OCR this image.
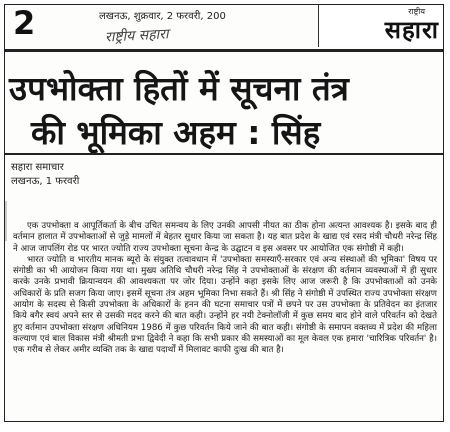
2	लखनऊ, शुक्रवार, 2 फरवरी, 200
राष्ट्रीय सहारा
राष्ट्रीय
सहारा
उपभोक्ता हितों में सूचना तंत्र
की भूमिका अहम : सिंह
सहारा समाचार
लखनऊ, 1 फरवरी

एक उपभोक्ता व आपूर्तिकर्ता के बीच उचित समन्वय के लिए उनकी आपसी नीयत का ठीक होना अत्यन्त आवश्यक है। इसके बाद ही वर्तमान हालात में उपभोक्ताओं से जुड़े मामलों में बेहतर सुधार किया जा सकता है। यह बात प्रदेश के खाद्य एवं रसद मंत्री चौधरी नरेन्द्र सिंह ने आज जापलिंग रोड पर भारत ज्योति राज्य उपभोक्ता सूचना केन्द्र के उद्घाटन व इस अवसर पर आयोजित एक संगोष्ठी में कही।

भारत ज्योति व भारतीय मानक ब्यूरो के संयुक्त तत्वावधान में 'उपभोक्ता समस्याएँ-सरकार एवं अन्य संस्थाओं की भूमिका' विषय पर संगोष्ठी का भी आयोजन किया गया था। मुख्य अतिथि चौधरी नरेन्द्र सिंह ने उपभोक्ताओं के संरक्षण की वर्तमान व्यवस्थाओं में ही सुधार करके उनके प्रभावी क्रियान्वयन की आवश्यकता पर जोर दिया। उन्होंने कहा इसके लिए आज जरूरी है कि उपभोक्ताओं को उनके अधिकारों के प्रति सजग किया जाए। इसमें सूचना तंत्र अहम भूमिका निभा सकते हैं। श्री सिंह ने संगोष्ठी में उपस्थित राज्य उपभोक्ता संरक्षण आयोग के सदस्य से किसी उपभोक्ता के अधिकारों के हनन की घटना समाचार पत्रों में छपने पर उस उपभोक्ता के प्रतिवेदन का इंतजार किये बगैर स्वयं अपने स्तर से उसकी मदद करने की बात कही। उन्होंने हर नयी टेक्नोलॉजी में कुछ समय बाद होने वाले परिवर्तन को देखते हुए वर्तमान उपभोक्ता संरक्षण अधिनियम 1986 में कुछ परिवर्तन किये जाने की बात कही। संगोष्ठी के समापन वक्तव्य में प्रदेश की महिला कल्याण एवं बाल विकास मंत्री श्रीमती प्रभा द्विवेदी ने कहा कि सभी प्रकार की समस्याओं का मूल केवल एक हमारा 'चारित्रिक परिवर्तन' है। एक गरीब से लेकर अमीर व्यक्ति तक के खाद्य पदार्थों में मिलावट काफी दुःख की बात है।
